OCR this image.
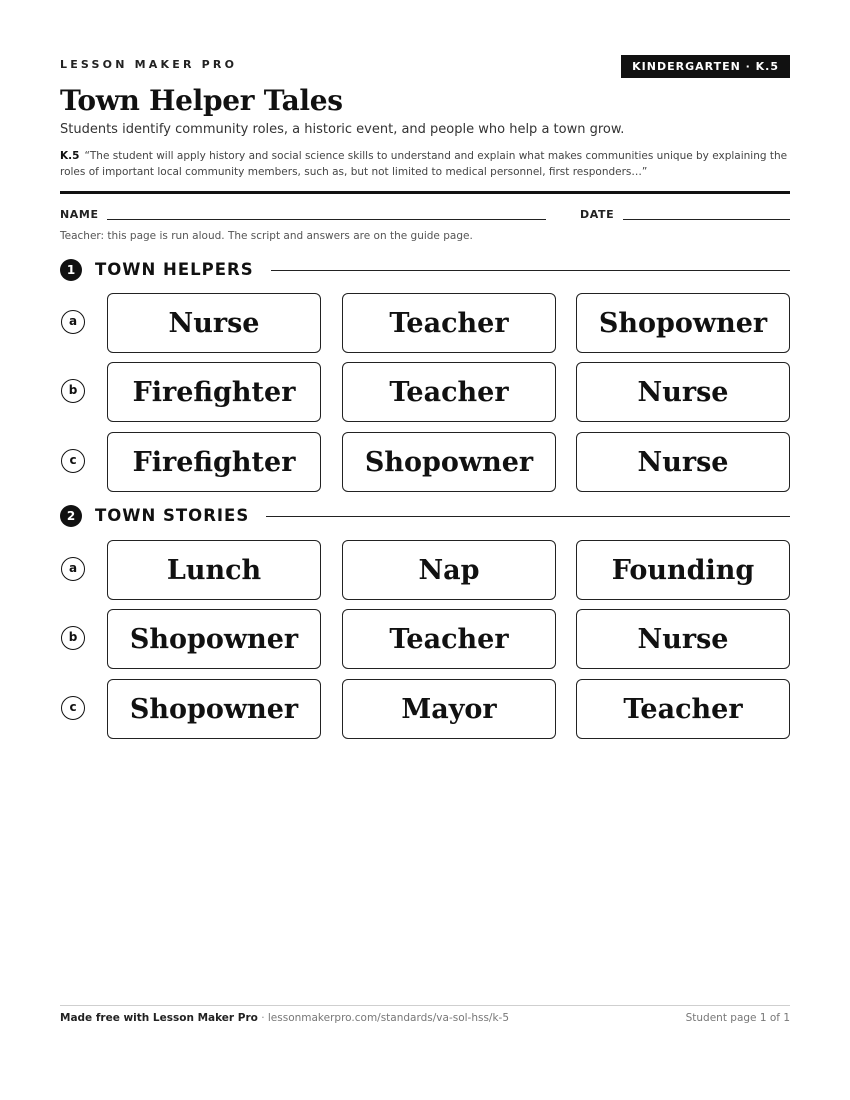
LESSON MAKER PRO	KINDERGARTEN · K.5
Town Helper Tales

Students identify community roles, a historic event, and people who help a town grow.

K.5 “The student will apply history and social science skills to understand and explain what makes communities unique by explaining the roles of important local community members, such as, but not limited to medical personnel, first responders…”

NAME	DATE
Teacher: this page is run aloud. The script and answers are on the guide page.
1	TOWN HELPERS
a	Nurse	Teacher	Shopowner
b	Firefighter	Teacher	Nurse
c	Firefighter	Shopowner	Nurse
2	TOWN STORIES
a	Lunch	Nap	Founding
b	Shopowner	Teacher	Nurse
c	Shopowner	Mayor	Teacher
Made free with Lesson Maker Pro · lessonmakerpro.com/standards/va-sol-hss/k-5	Student page 1 of 1
